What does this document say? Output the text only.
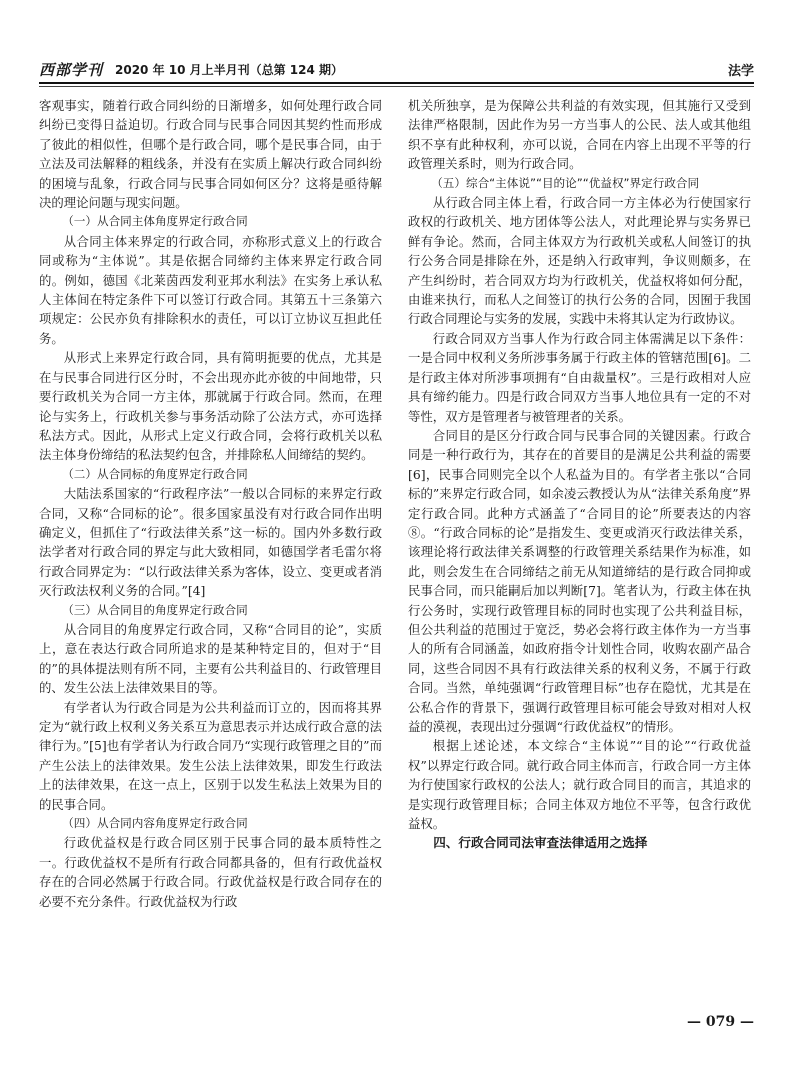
西部学刊 2020 年 10 月上半月刊（总第 124 期）	法学

客观事实，随着行政合同纠纷的日渐增多，如何处理行政合同纠纷已变得日益迫切。行政合同与民事合同因其契约性而形成了彼此的相似性，但哪个是行政合同，哪个是民事合同，由于立法及司法解释的粗线条，并没有在实质上解决行政合同纠纷的困境与乱象，行政合同与民事合同如何区分？这将是亟待解决的理论问题与现实问题。

（一）从合同主体角度界定行政合同

从合同主体来界定的行政合同，亦称形式意义上的行政合同或称为“主体说”。其是依据合同缔约主体来界定行政合同的。例如，德国《北莱茵西发利亚邦水利法》在实务上承认私人主体间在特定条件下可以签订行政合同。其第五十三条第六项规定：公民亦负有排除积水的责任，可以订立协议互担此任务。

从形式上来界定行政合同，具有简明扼要的优点，尤其是在与民事合同进行区分时，不会出现亦此亦彼的中间地带，只要行政机关为合同一方主体，那就属于行政合同。然而，在理论与实务上，行政机关参与事务活动除了公法方式，亦可选择私法方式。因此，从形式上定义行政合同，会将行政机关以私法主体身份缔结的私法契约包含，并排除私人间缔结的契约。

（二）从合同标的角度界定行政合同

大陆法系国家的“行政程序法”一般以合同标的来界定行政合同，又称“合同标的论”。很多国家虽没有对行政合同作出明确定义，但抓住了“行政法律关系”这一标的。国内外多数行政法学者对行政合同的界定与此大致相同，如德国学者毛雷尔将行政合同界定为：“以行政法律关系为客体，设立、变更或者消灭行政法权利义务的合同。”[4]

（三）从合同目的角度界定行政合同

从合同目的角度界定行政合同，又称“合同目的论”，实质上，意在表达行政合同所追求的是某种特定目的，但对于“目的”的具体提法则有所不同，主要有公共利益目的、行政管理目的、发生公法上法律效果目的等。

有学者认为行政合同是为公共利益而订立的，因而将其界定为“就行政上权利义务关系互为意思表示并达成行政合意的法律行为。”[5]也有学者认为行政合同乃“实现行政管理之目的”而产生公法上的法律效果。发生公法上法律效果，即发生行政法上的法律效果，在这一点上，区别于以发生私法上效果为目的的民事合同。

（四）从合同内容角度界定行政合同

行政优益权是行政合同区别于民事合同的最本质特性之一。行政优益权不是所有行政合同都具备的，但有行政优益权存在的合同必然属于行政合同。行政优益权是行政合同存在的必要不充分条件。行政优益权为行政

机关所独享，是为保障公共利益的有效实现，但其施行又受到法律严格限制，因此作为另一方当事人的公民、法人或其他组织不享有此种权利，亦可以说，合同在内容上出现不平等的行政管理关系时，则为行政合同。

（五）综合“主体说”“目的论”“优益权”界定行政合同

从行政合同主体上看，行政合同一方主体必为行使国家行政权的行政机关、地方团体等公法人，对此理论界与实务界已鲜有争论。然而，合同主体双方为行政机关或私人间签订的执行公务合同是排除在外，还是纳入行政审判，争议则颇多，在产生纠纷时，若合同双方均为行政机关，优益权将如何分配，由谁来执行，而私人之间签订的执行公务的合同，因囿于我国行政合同理论与实务的发展，实践中未将其认定为行政协议。

行政合同双方当事人作为行政合同主体需满足以下条件：一是合同中权利义务所涉事务属于行政主体的管辖范围[6]。二是行政主体对所涉事项拥有“自由裁量权”。三是行政相对人应具有缔约能力。四是行政合同双方当事人地位具有一定的不对等性，双方是管理者与被管理者的关系。

合同目的是区分行政合同与民事合同的关键因素。行政合同是一种行政行为，其存在的首要目的是满足公共利益的需要[6]，民事合同则完全以个人私益为目的。有学者主张以“合同标的”来界定行政合同，如余凌云教授认为从“法律关系角度”界定行政合同。此种方式涵盖了“合同目的论”所要表达的内容⑧。“行政合同标的论”是指发生、变更或消灭行政法律关系，该理论将行政法律关系调整的行政管理关系结果作为标准，如此，则会发生在合同缔结之前无从知道缔结的是行政合同抑或民事合同，而只能嗣后加以判断[7]。笔者认为，行政主体在执行公务时，实现行政管理目标的同时也实现了公共利益目标，但公共利益的范围过于宽泛，势必会将行政主体作为一方当事人的所有合同涵盖，如政府指令计划性合同，收购农副产品合同，这些合同因不具有行政法律关系的权利义务，不属于行政合同。当然，单纯强调“行政管理目标”也存在隐忧，尤其是在公私合作的背景下，强调行政管理目标可能会导致对相对人权益的漠视，表现出过分强调“行政优益权”的情形。

根据上述论述，本文综合“主体说”“目的论”“行政优益权”以界定行政合同。就行政合同主体而言，行政合同一方主体为行使国家行政权的公法人；就行政合同目的而言，其追求的是实现行政管理目标；合同主体双方地位不平等，包含行政优益权。

四、行政合同司法审查法律适用之选择
— 079 —
